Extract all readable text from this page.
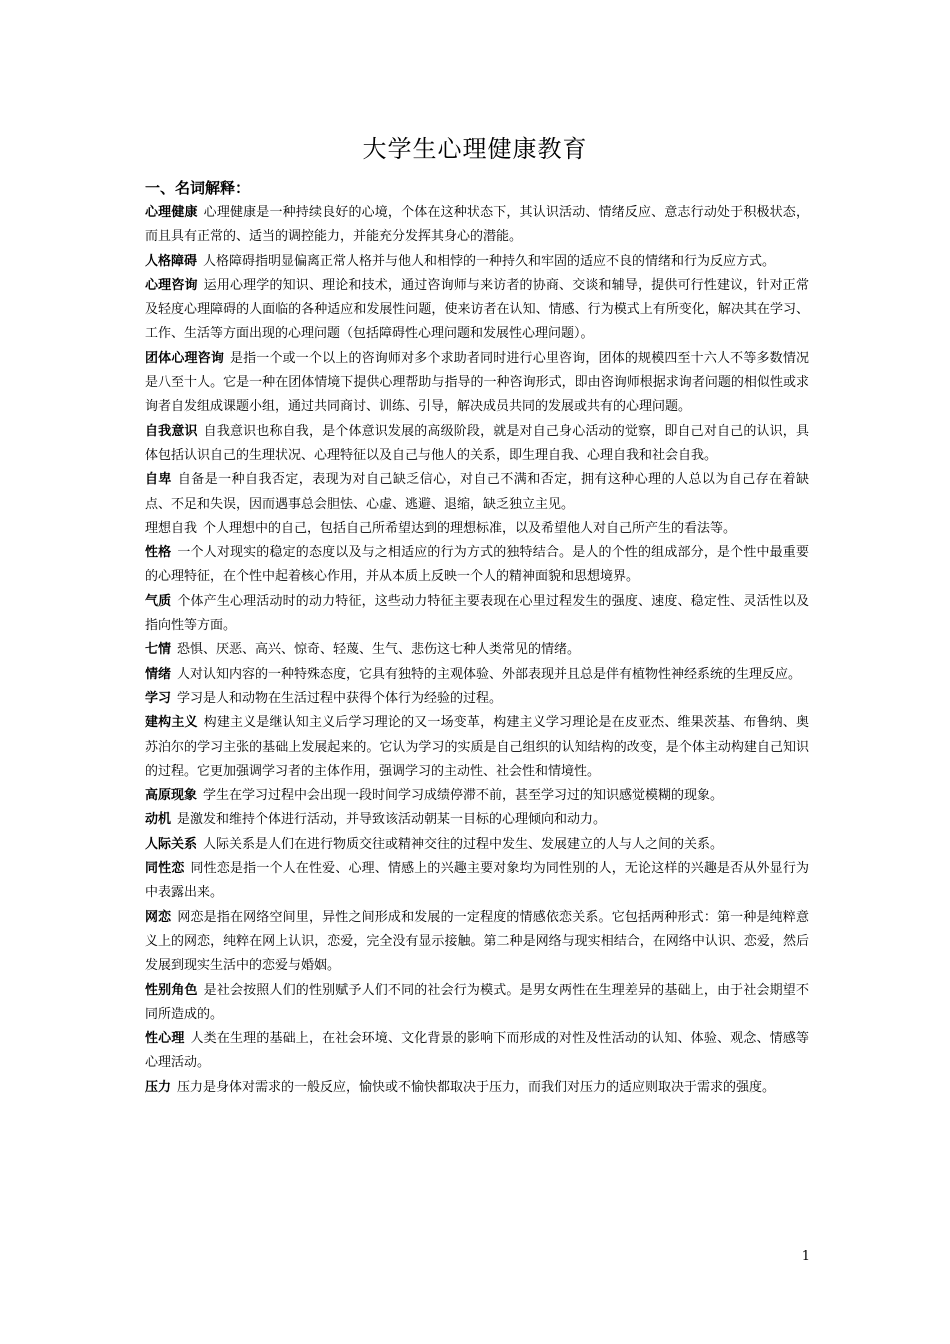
大学生心理健康教育
一、名词解释：

心理健康 心理健康是一种持续良好的心境，个体在这种状态下，其认识活动、情绪反应、意志行动处于积极状态，而且具有正常的、适当的调控能力，并能充分发挥其身心的潜能。

人格障碍 人格障碍指明显偏离正常人格并与他人和相悖的一种持久和牢固的适应不良的情绪和行为反应方式。

心理咨询 运用心理学的知识、理论和技术，通过咨询师与来访者的协商、交谈和辅导，提供可行性建议，针对正常及轻度心理障碍的人面临的各种适应和发展性问题，使来访者在认知、情感、行为模式上有所变化，解决其在学习、工作、生活等方面出现的心理问题（包括障碍性心理问题和发展性心理问题）。

团体心理咨询 是指一个或一个以上的咨询师对多个求助者同时进行心里咨询，团体的规模四至十六人不等多数情况是八至十人。它是一种在团体情境下提供心理帮助与指导的一种咨询形式，即由咨询师根据求询者问题的相似性或求询者自发组成课题小组，通过共同商讨、训练、引导，解决成员共同的发展或共有的心理问题。

自我意识 自我意识也称自我，是个体意识发展的高级阶段，就是对自己身心活动的觉察，即自己对自己的认识，具体包括认识自己的生理状况、心理特征以及自己与他人的关系，即生理自我、心理自我和社会自我。

自卑 自备是一种自我否定，表现为对自己缺乏信心，对自己不满和否定，拥有这种心理的人总以为自己存在着缺点、不足和失误，因而遇事总会胆怯、心虚、逃避、退缩，缺乏独立主见。

理想自我 个人理想中的自己，包括自己所希望达到的理想标准，以及希望他人对自己所产生的看法等。

性格 一个人对现实的稳定的态度以及与之相适应的行为方式的独特结合。是人的个性的组成部分，是个性中最重要的心理特征，在个性中起着核心作用，并从本质上反映一个人的精神面貌和思想境界。

气质 个体产生心理活动时的动力特征，这些动力特征主要表现在心里过程发生的强度、速度、稳定性、灵活性以及指向性等方面。

七情 恐惧、厌恶、高兴、惊奇、轻蔑、生气、悲伤这七种人类常见的情绪。

情绪 人对认知内容的一种特殊态度，它具有独特的主观体验、外部表现并且总是伴有植物性神经系统的生理反应。

学习 学习是人和动物在生活过程中获得个体行为经验的过程。

建构主义 构建主义是继认知主义后学习理论的又一场变革，构建主义学习理论是在皮亚杰、维果茨基、布鲁纳、奥苏泊尔的学习主张的基础上发展起来的。它认为学习的实质是自己组织的认知结构的改变，是个体主动构建自己知识的过程。它更加强调学习者的主体作用，强调学习的主动性、社会性和情境性。

高原现象 学生在学习过程中会出现一段时间学习成绩停滞不前，甚至学习过的知识感觉模糊的现象。

动机 是激发和维持个体进行活动，并导致该活动朝某一目标的心理倾向和动力。

人际关系 人际关系是人们在进行物质交往或精神交往的过程中发生、发展建立的人与人之间的关系。

同性恋 同性恋是指一个人在性爱、心理、情感上的兴趣主要对象均为同性别的人，无论这样的兴趣是否从外显行为中表露出来。

网恋 网恋是指在网络空间里，异性之间形成和发展的一定程度的情感依恋关系。它包括两种形式：第一种是纯粹意义上的网恋，纯粹在网上认识，恋爱，完全没有显示接触。第二种是网络与现实相结合，在网络中认识、恋爱，然后发展到现实生活中的恋爱与婚姻。

性别角色 是社会按照人们的性别赋予人们不同的社会行为模式。是男女两性在生理差异的基础上，由于社会期望不同所造成的。

性心理 人类在生理的基础上，在社会环境、文化背景的影响下而形成的对性及性活动的认知、体验、观念、情感等心理活动。

压力 压力是身体对需求的一般反应，愉快或不愉快都取决于压力，而我们对压力的适应则取决于需求的强度。

1
